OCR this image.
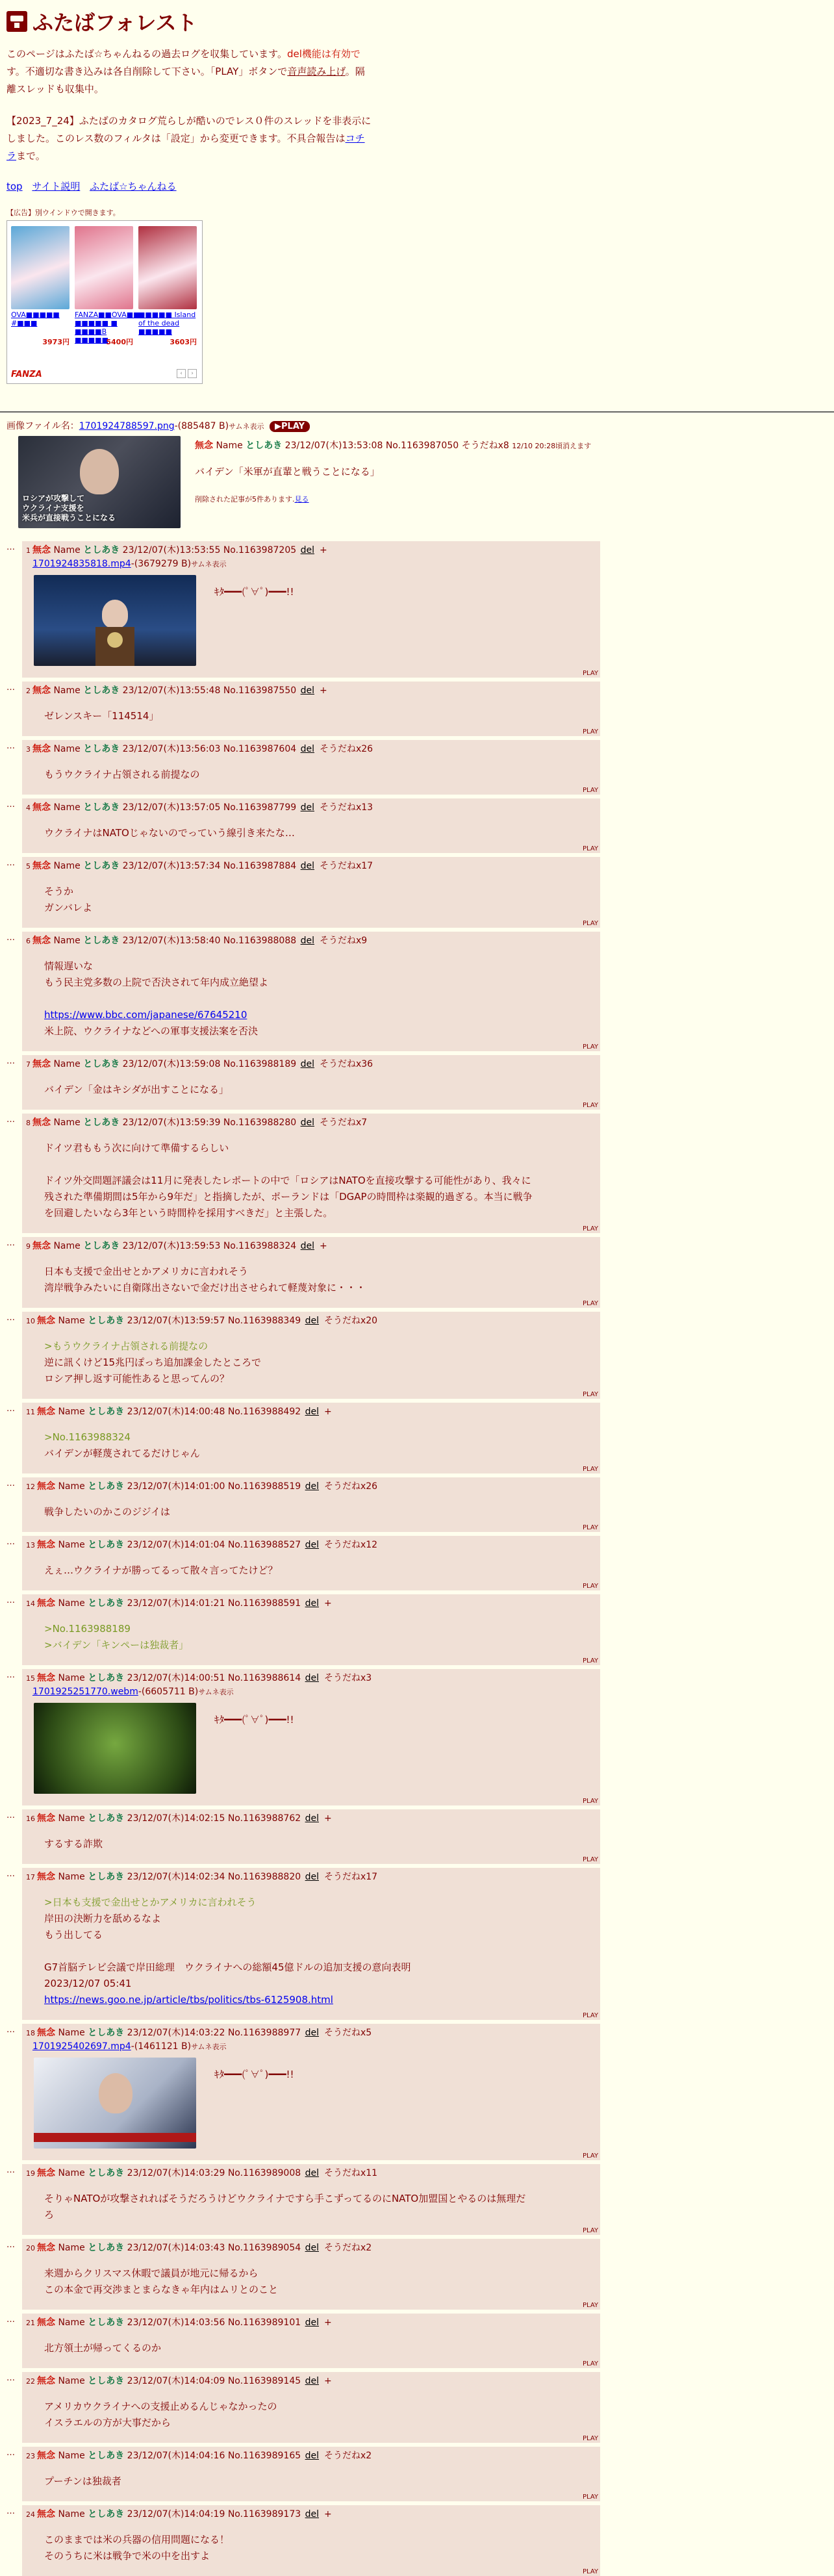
ふたばフォレスト
このページはふたば☆ちゃんねるの過去ログを収集しています。del機能は有効で
す。不適切な書き込みは各自削除して下さい。「PLAY」ボタンで音声読み上げ。隔
離スレッドも収集中。
【2023_7_24】ふたばのカタログ荒らしが酷いのでレス０件のスレッドを非表示に
しました。このレス数のフィルタは「設定」から変更できます。不具合報告はコチ
ラまで。
top サイト説明 ふたば☆ちゃんねる
【広告】別ウインドウで開きます。
FANZA	‹	›
OVA■■■■■ #■■■
3973円
FANZA■■OVA■■ ■■■■■ ■ ■■■■B ■■■■■
5400円
■■■■■ Island of the dead ■■■■■
3603円
画像ファイル名：1701924788597.png-(885487 B)サムネ表示 ▶PLAY
ロシアが攻撃して
ウクライナ支援を
米兵が直接戦うことになる
無念 Name としあき 23/12/07(木)13:53:08 No.1163987050 そうだねx8 12/10 20:28頃消えます
バイデン「米軍が直輩と戦うことになる」
削除された記事が5件あります.見る
…	1 無念 Name としあき 23/12/07(木)13:53:55 No.1163987205 del +
1701924835818.mp4-(3679279 B)サムネ表示
ｷﾀ━━━(ﾟ∀ﾟ)━━━!!
PLAY
…	2 無念 Name としあき 23/12/07(木)13:55:48 No.1163987550 del +
ゼレンスキー「114514」
PLAY
…	3 無念 Name としあき 23/12/07(木)13:56:03 No.1163987604 del そうだねx26
もうウクライナ占領される前提なの
PLAY
…	4 無念 Name としあき 23/12/07(木)13:57:05 No.1163987799 del そうだねx13
ウクライナはNATOじゃないのでっていう線引き来たな…
PLAY
…	5 無念 Name としあき 23/12/07(木)13:57:34 No.1163987884 del そうだねx17
そうか
ガンバレよ
PLAY
…	6 無念 Name としあき 23/12/07(木)13:58:40 No.1163988088 del そうだねx9
情報遅いな
もう民主党多数の上院で否決されて年内成立絶望よ

https://www.bbc.com/japanese/67645210
米上院、ウクライナなどへの軍事支援法案を否決
PLAY
…	7 無念 Name としあき 23/12/07(木)13:59:08 No.1163988189 del そうだねx36
バイデン「金はキシダが出すことになる」
PLAY
…	8 無念 Name としあき 23/12/07(木)13:59:39 No.1163988280 del そうだねx7
ドイツ君ももう次に向けて準備するらしい

ドイツ外交問題評議会は11月に発表したレポートの中で「ロシアはNATOを直接攻撃する可能性があり、我々に
残された準備期間は5年から9年だ」と指摘したが、ポーランドは「DGAPの時間枠は楽観的過ぎる。本当に戦争
を回避したいなら3年という時間枠を採用すべきだ」と主張した。
PLAY
…	9 無念 Name としあき 23/12/07(木)13:59:53 No.1163988324 del +
日本も支援で金出せとかアメリカに言われそう
湾岸戦争みたいに自衛隊出さないで金だけ出させられて軽蔑対象に・・・
PLAY
…	10 無念 Name としあき 23/12/07(木)13:59:57 No.1163988349 del そうだねx20
>もうウクライナ占領される前提なの
逆に訊くけど15兆円ぽっち追加課金したところで
ロシア押し返す可能性あると思ってんの？
PLAY
…	11 無念 Name としあき 23/12/07(木)14:00:48 No.1163988492 del +
>No.1163988324
バイデンが軽蔑されてるだけじゃん
PLAY
…	12 無念 Name としあき 23/12/07(木)14:01:00 No.1163988519 del そうだねx26
戦争したいのかこのジジイは
PLAY
…	13 無念 Name としあき 23/12/07(木)14:01:04 No.1163988527 del そうだねx12
えぇ…ウクライナが勝ってるって散々言ってたけど？
PLAY
…	14 無念 Name としあき 23/12/07(木)14:01:21 No.1163988591 del +
>No.1163988189
>バイデン「キンペーは独裁者」
PLAY
…	15 無念 Name としあき 23/12/07(木)14:00:51 No.1163988614 del そうだねx3
1701925251770.webm-(6605711 B)サムネ表示
ｷﾀ━━━(ﾟ∀ﾟ)━━━!!
PLAY
…	16 無念 Name としあき 23/12/07(木)14:02:15 No.1163988762 del +
するする詐欺
PLAY
…	17 無念 Name としあき 23/12/07(木)14:02:34 No.1163988820 del そうだねx17
>日本も支援で金出せとかアメリカに言われそう
岸田の決断力を舐めるなよ
もう出してる

G7首脳テレビ会議で岸田総理　ウクライナへの総額45億ドルの追加支援の意向表明
2023/12/07 05:41
https://news.goo.ne.jp/article/tbs/politics/tbs-6125908.html
PLAY
…	18 無念 Name としあき 23/12/07(木)14:03:22 No.1163988977 del そうだねx5
1701925402697.mp4-(1461121 B)サムネ表示
ｷﾀ━━━(ﾟ∀ﾟ)━━━!!
PLAY
…	19 無念 Name としあき 23/12/07(木)14:03:29 No.1163989008 del そうだねx11
そりゃNATOが攻撃されればそうだろうけどウクライナですら手こずってるのにNATO加盟国とやるのは無理だ
ろ
PLAY
…	20 無念 Name としあき 23/12/07(木)14:03:43 No.1163989054 del そうだねx2
来週からクリスマス休暇で議員が地元に帰るから
この本金で再交渉まとまらなきゃ年内はムリとのこと
PLAY
…	21 無念 Name としあき 23/12/07(木)14:03:56 No.1163989101 del +
北方領土が帰ってくるのか
PLAY
…	22 無念 Name としあき 23/12/07(木)14:04:09 No.1163989145 del +
アメリカウクライナへの支援止めるんじゃなかったの
イスラエルの方が大事だから
PLAY
…	23 無念 Name としあき 23/12/07(木)14:04:16 No.1163989165 del そうだねx2
プーチンは独裁者
PLAY
…	24 無念 Name としあき 23/12/07(木)14:04:19 No.1163989173 del +
このままでは米の兵器の信用問題になる！
そのうちに米は戦争で米の中を出すよ
PLAY
